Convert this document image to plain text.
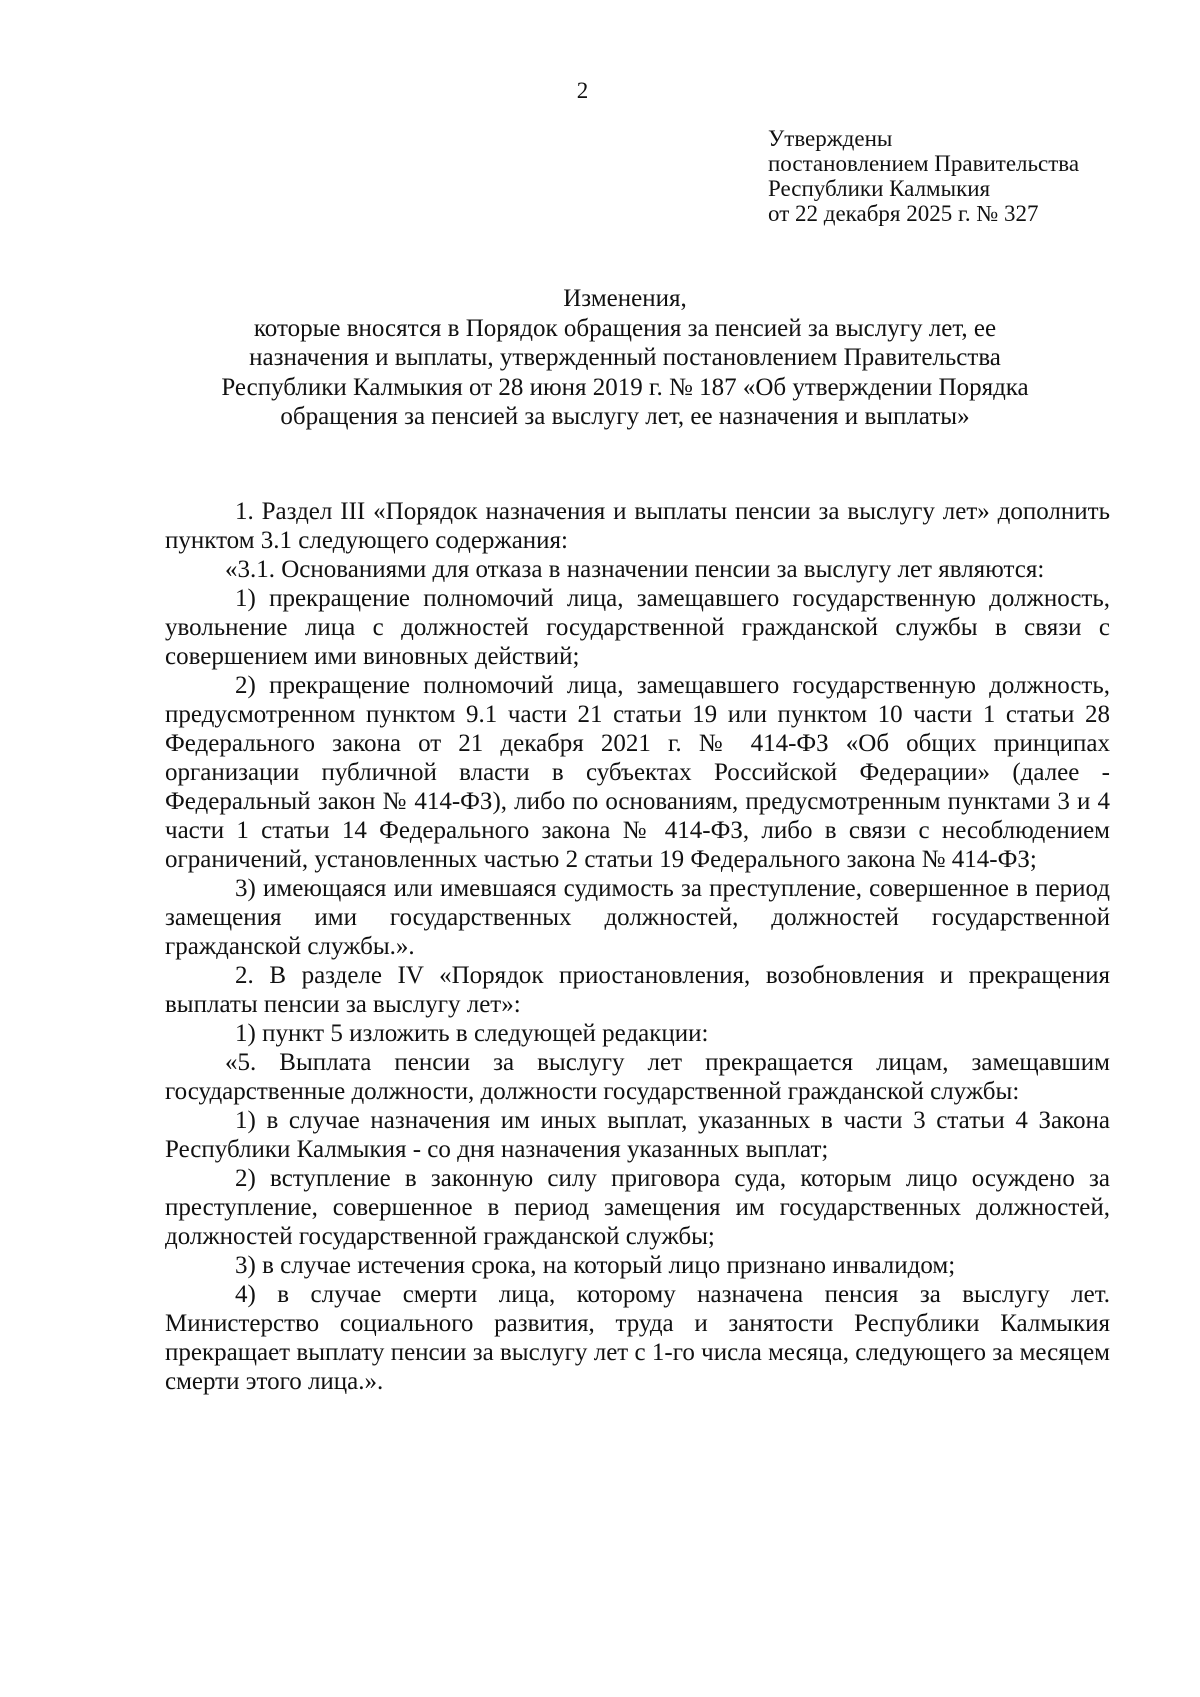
2
Утверждены
постановлением Правительства
Республики Калмыкия
от 22 декабря 2025 г. № 327
Изменения,
которые вносятся в Порядок обращения за пенсией за выслугу лет, ее
назначения и выплаты, утвержденный постановлением Правительства
Республики Калмыкия от 28 июня 2019 г. № 187 «Об утверждении Порядка
обращения за пенсией за выслугу лет, ее назначения и выплаты»

1. Раздел III «Порядок назначения и выплаты пенсии за выслугу лет» дополнить пунктом 3.1 следующего содержания:

«3.1. Основаниями для отказа в назначении пенсии за выслугу лет являются:

1) прекращение полномочий лица, замещавшего государственную должность, увольнение лица с должностей государственной гражданской службы в связи с совершением ими виновных действий;

2) прекращение полномочий лица, замещавшего государственную должность, предусмотренном пунктом 9.1 части 21 статьи 19 или пунктом 10 части 1 статьи 28 Федерального закона от 21 декабря 2021 г. № 414-ФЗ «Об общих принципах организации публичной власти в субъектах Российской Федерации» (далее - Федеральный закон № 414-ФЗ), либо по основаниям, предусмотренным пунктами 3 и 4 части 1 статьи 14 Федерального закона № 414-ФЗ, либо в связи с несоблюдением ограничений, установленных частью 2 статьи 19 Федерального закона № 414-ФЗ;

3) имеющаяся или имевшаяся судимость за преступление, совершенное в период замещения ими государственных должностей, должностей государственной гражданской службы.».

2. В разделе IV «Порядок приостановления, возобновления и прекращения выплаты пенсии за выслугу лет»:

1) пункт 5 изложить в следующей редакции:

«5. Выплата пенсии за выслугу лет прекращается лицам, замещавшим государственные должности, должности государственной гражданской службы:

1) в случае назначения им иных выплат, указанных в части 3 статьи 4 Закона Республики Калмыкия - со дня назначения указанных выплат;

2) вступление в законную силу приговора суда, которым лицо осуждено за преступление, совершенное в период замещения им государственных должностей, должностей государственной гражданской службы;

3) в случае истечения срока, на который лицо признано инвалидом;

4) в случае смерти лица, которому назначена пенсия за выслугу лет. Министерство социального развития, труда и занятости Республики Калмыкия прекращает выплату пенсии за выслугу лет с 1-го числа месяца, следующего за месяцем смерти этого лица.».
